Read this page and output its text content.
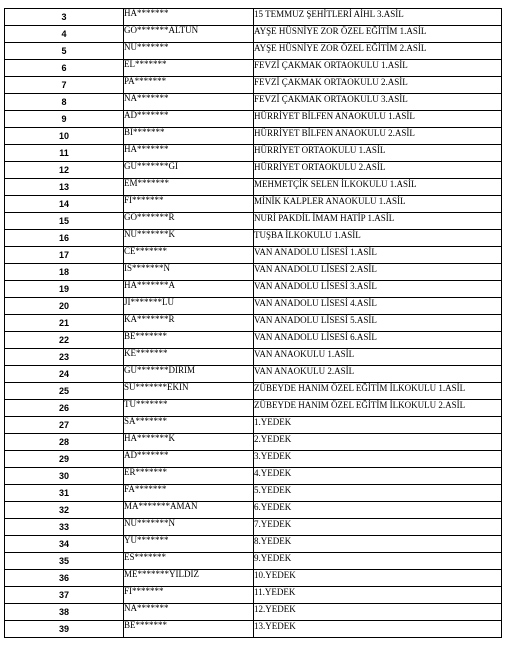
3	HA*******	15 TEMMUZ ŞEHİTLERİ AİHL 3.ASİL
4	GÖ*******ALTUN	AYŞE HÜSNİYE ZOR ÖZEL EĞİTİM 1.ASİL
5	NU*******	AYŞE HÜSNİYE ZOR ÖZEL EĞİTİM 2.ASİL
6	EL*******	FEVZİ ÇAKMAK ORTAOKULU 1.ASİL
7	PA*******	FEVZİ ÇAKMAK ORTAOKULU 2.ASİL
8	NA*******	FEVZİ ÇAKMAK ORTAOKULU 3.ASİL
9	AD*******	HÜRRİYET BİLFEN ANAOKULU 1.ASİL
10	Bİ*******	HÜRRİYET BİLFEN ANAOKULU 2.ASİL
11	HA*******	HÜRRİYET ORTAOKULU 1.ASİL
12	GÜ*******Gİ	HÜRRİYET ORTAOKULU 2.ASİL
13	EM*******	MEHMETÇİK SELEN İLKOKULU 1.ASİL
14	Fİ*******	MİNİK KALPLER ANAOKULU 1.ASİL
15	GÖ*******R	NURİ PAKDİL İMAM HATİP 1.ASİL
16	NU*******K	TUŞBA İLKOKULU 1.ASİL
17	CE*******	VAN ANADOLU LİSESİ 1.ASİL
18	İS*******N	VAN ANADOLU LİSESİ 2.ASİL
19	HA*******A	VAN ANADOLU LİSESİ 3.ASİL
20	Jİ*******LU	VAN ANADOLU LİSESİ 4.ASİL
21	KA*******R	VAN ANADOLU LİSESİ 5.ASİL
22	BE*******	VAN ANADOLU LİSESİ 6.ASİL
23	KE*******	VAN ANAOKULU 1.ASİL
24	GÜ*******DIRIM	VAN ANAOKULU 2.ASİL
25	SÜ*******EKİN	ZÜBEYDE HANIM ÖZEL EĞİTİM İLKOKULU 1.ASİL
26	TU*******	ZÜBEYDE HANIM ÖZEL EĞİTİM İLKOKULU 2.ASİL
27	SA*******	1.YEDEK
28	HA*******K	2.YEDEK
29	AD*******	3.YEDEK
30	ER*******	4.YEDEK
31	FA*******	5.YEDEK
32	MA*******AMAN	6.YEDEK
33	NU*******N	7.YEDEK
34	YU*******	8.YEDEK
35	ES*******	9.YEDEK
36	ME*******YILDIZ	10.YEDEK
37	Fİ*******	11.YEDEK
38	NA*******	12.YEDEK
39	BE*******	13.YEDEK
